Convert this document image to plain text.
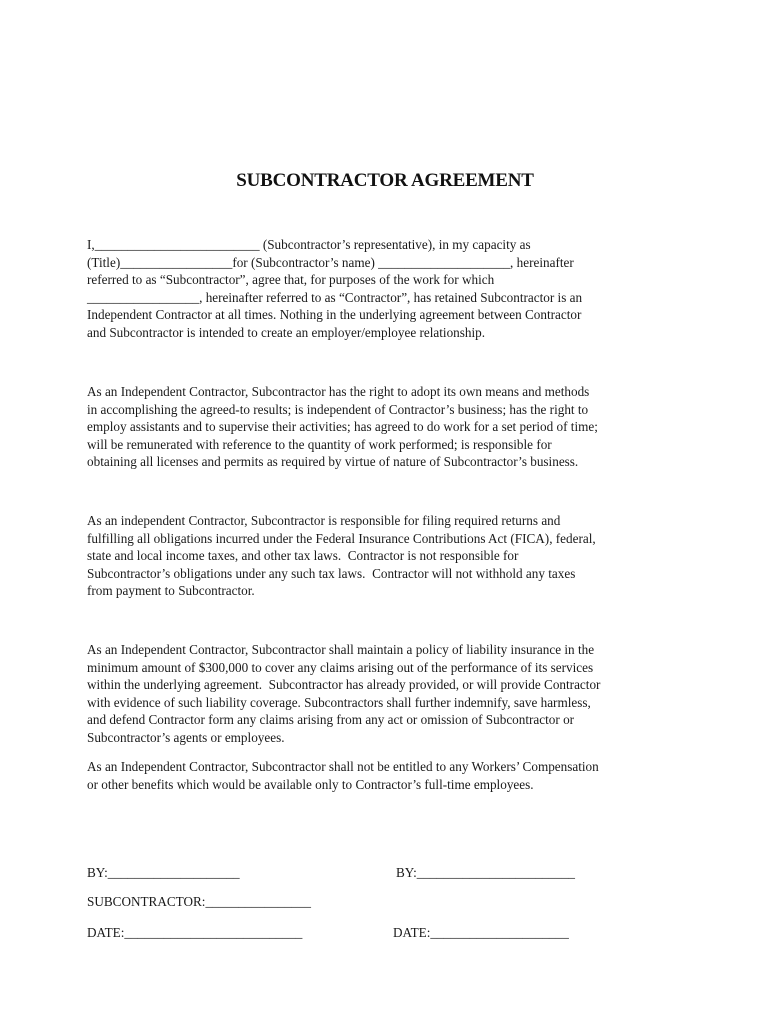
SUBCONTRACTOR AGREEMENT
I,_________________________ (Subcontractor’s representative), in my capacity as
(Title)_________________for (Subcontractor’s name) ____________________, hereinafter
referred to as “Subcontractor”, agree that, for purposes of the work for which
_________________, hereinafter referred to as “Contractor”, has retained Subcontractor is an
Independent Contractor at all times. Nothing in the underlying agreement between Contractor
and Subcontractor is intended to create an employer/employee relationship.
As an Independent Contractor, Subcontractor has the right to adopt its own means and methods
in accomplishing the agreed-to results; is independent of Contractor’s business; has the right to
employ assistants and to supervise their activities; has agreed to do work for a set period of time;
will be remunerated with reference to the quantity of work performed; is responsible for
obtaining all licenses and permits as required by virtue of nature of Subcontractor’s business.
As an independent Contractor, Subcontractor is responsible for filing required returns and
fulfilling all obligations incurred under the Federal Insurance Contributions Act (FICA), federal,
state and local income taxes, and other tax laws.  Contractor is not responsible for
Subcontractor’s obligations under any such tax laws.  Contractor will not withhold any taxes
from payment to Subcontractor.
As an Independent Contractor, Subcontractor shall maintain a policy of liability insurance in the
minimum amount of $300,000 to cover any claims arising out of the performance of its services
within the underlying agreement.  Subcontractor has already provided, or will provide Contractor
with evidence of such liability coverage. Subcontractors shall further indemnify, save harmless,
and defend Contractor form any claims arising from any act or omission of Subcontractor or
Subcontractor’s agents or employees.
As an Independent Contractor, Subcontractor shall not be entitled to any Workers’ Compensation
or other benefits which would be available only to Contractor’s full-time employees.
BY:____________________	BY:________________________
SUBCONTRACTOR:________________
DATE:___________________________	DATE:_____________________
